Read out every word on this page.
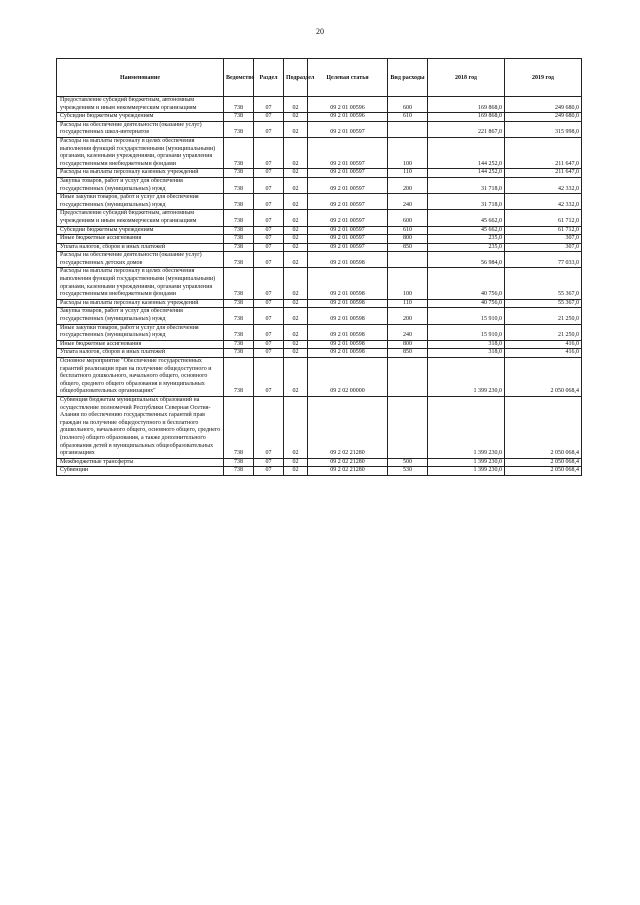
20
Наименование	Ведомство	Раздел	Подраздел	Целевая статья	Вид расходы	2018 год	2019 год
Предоставление субсидий бюджетным, автономным учреждениям и иным некоммерческим организациям	738	07	02	09 2 01 00596	600	169 868,0	249 680,0
Субсидии бюджетным учреждениям	738	07	02	09 2 01 00596	610	169 868,0	249 680,0
Расходы на обеспечение деятельности (оказание услуг) государственных школ-интернатов	738	07	02	09 2 01 00597		221 867,0	315 998,0
Расходы на выплаты персоналу в целях обеспечения выполнения функций государственными (муниципальными) органами, казенными учреждениями, органами управления государственными внебюджетными фондами	738	07	02	09 2 01 00597	100	144 252,0	211 647,0
Расходы на выплаты персоналу казенных учреждений	738	07	02	09 2 01 00597	110	144 252,0	211 647,0
Закупка товаров, работ и услуг для обеспечения государственных (муниципальных) нужд	738	07	02	09 2 01 00597	200	31 718,0	42 332,0
Иные закупки товаров, работ и услуг для обеспечения государственных (муниципальных) нужд	738	07	02	09 2 01 00597	240	31 718,0	42 332,0
Предоставление субсидий бюджетным, автономным учреждениям и иным некоммерческим организациям	738	07	02	09 2 01 00597	600	45 662,0	61 712,0
Субсидии бюджетным учреждениям	738	07	02	09 2 01 00597	610	45 662,0	61 712,0
Иные бюджетные ассигнования	738	07	02	09 2 01 00597	800	235,0	307,0
Уплата налогов, сборов и иных платежей	738	07	02	09 2 01 00597	850	235,0	307,0
Расходы на обеспечение деятельности (оказание услуг) государственных детских домов	738	07	02	09 2 01 00598		56 984,0	77 033,0
Расходы на выплаты персоналу в целях обеспечения выполнения функций государственными (муниципальными) органами, казенными учреждениями, органами управления государственными внебюджетными фондами	738	07	02	09 2 01 00598	100	40 756,0	55 367,0
Расходы на выплаты персоналу казенных учреждений	738	07	02	09 2 01 00598	110	40 756,0	55 367,0
Закупка товаров, работ и услуг для обеспечения государственных (муниципальных) нужд	738	07	02	09 2 01 00598	200	15 910,0	21 250,0
Иные закупки товаров, работ и услуг для обеспечения государственных (муниципальных) нужд	738	07	02	09 2 01 00598	240	15 910,0	21 250,0
Иные бюджетные ассигнования	738	07	02	09 2 01 00598	800	318,0	416,0
Уплата налогов, сборов и иных платежей	738	07	02	09 2 01 00598	850	318,0	416,0
Основное мероприятие "Обеспечение государственных гарантий реализации прав на получение общедоступного и бесплатного дошкольного, начального общего, основного общего, среднего общего образования в муниципальных общеобразовательных организациях"	738	07	02	09 2 02 00000		1 399 230,0	2 050 068,4
Субвенция бюджетам муниципальных образований на осуществление полномочий Республики Северная Осетия-Алания по обеспечению государственных гарантий прав граждан на получение общедоступного и бесплатного дошкольного, начального общего, основного общего, среднего (полного) общего образования, а также дополнительного образования детей в муниципальных общеобразовательных организациях	738	07	02	09 2 02 21280		1 399 230,0	2 050 068,4
Межбюджетные трансферты	738	07	02	09 2 02 21280	500	1 399 230,0	2 050 068,4
Субвенции	738	07	02	09 2 02 21280	530	1 399 230,0	2 050 068,4
